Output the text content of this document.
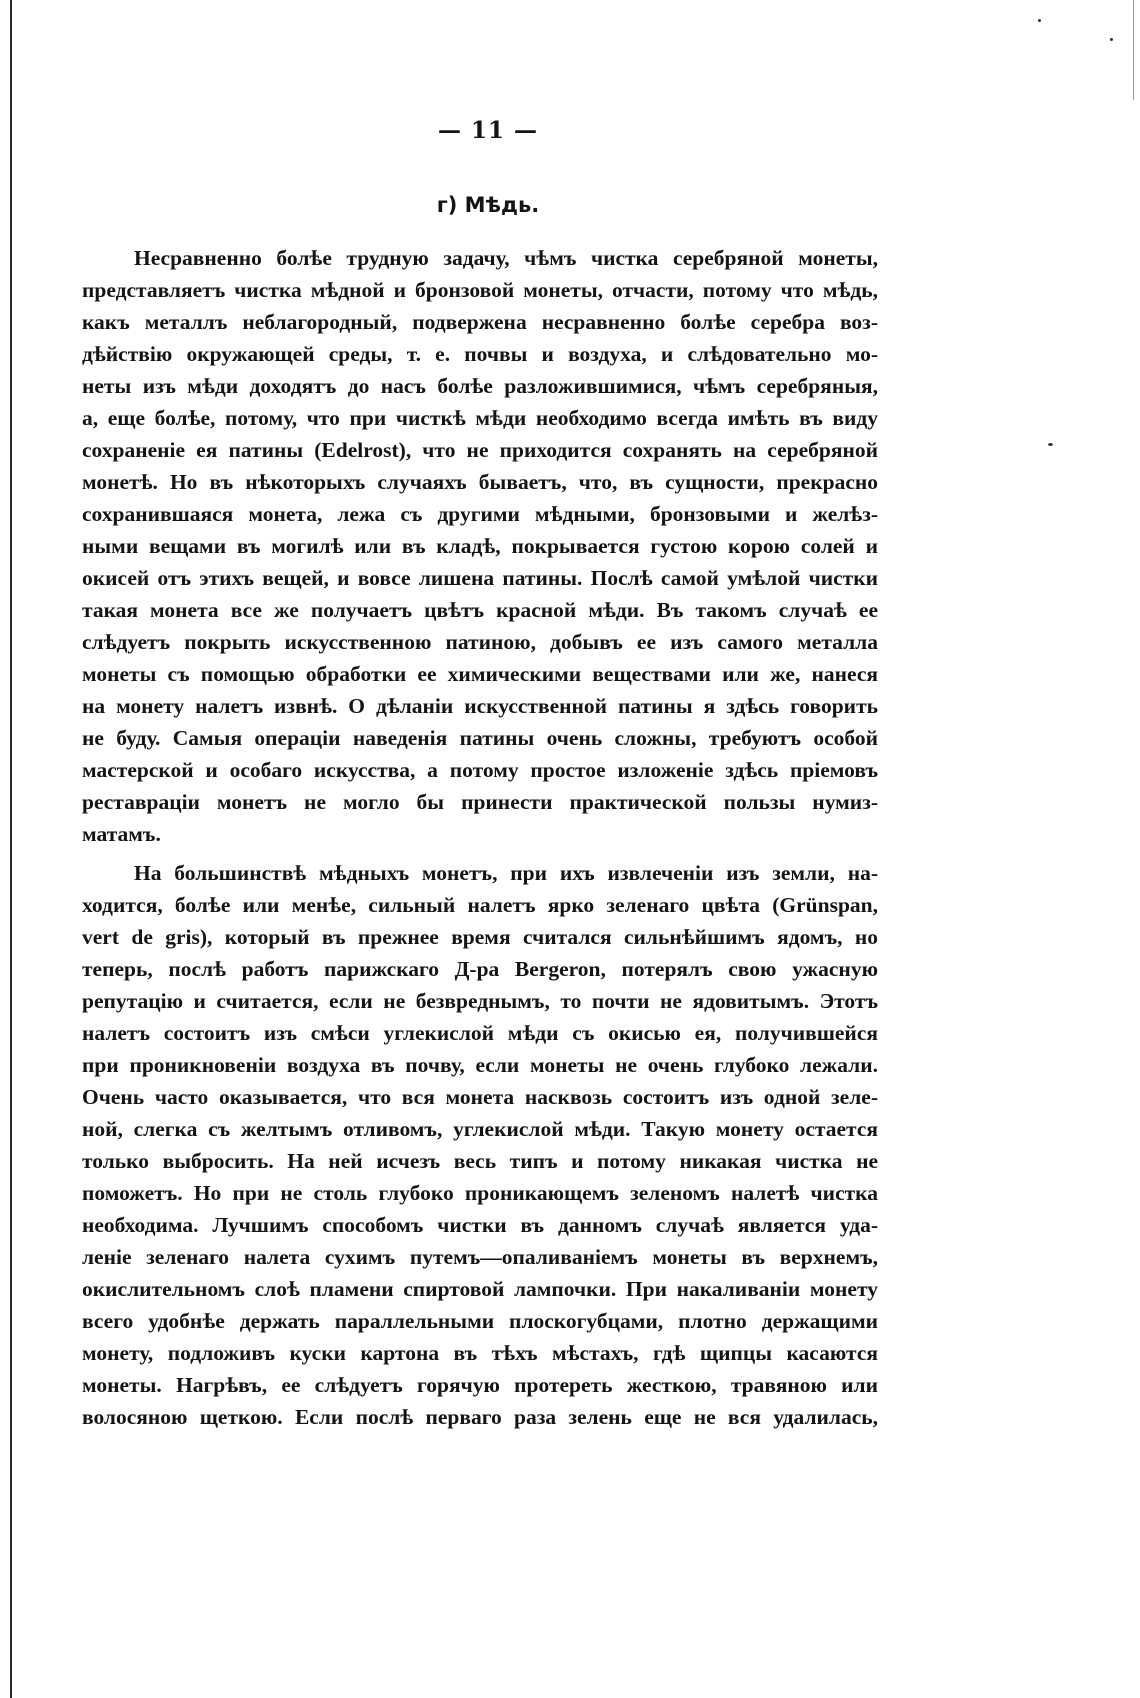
— 11 —
г) Мѣдь.
Несравненно болѣе трудную задачу, чѣмъ чистка серебряной монеты,
представляетъ чистка мѣдной и бронзовой монеты, отчасти, потому что мѣдь,
какъ металлъ неблагородный, подвержена несравненно болѣе серебра воз-
дѣйствію окружающей среды, т. е. почвы и воздуха, и слѣдовательно мо-
неты изъ мѣди доходятъ до насъ болѣе разложившимися, чѣмъ серебряныя,
а, еще болѣе, потому, что при чисткѣ мѣди необходимо всегда имѣть въ виду
сохраненіе ея патины (Edelrost), что не приходится сохранять на серебряной
монетѣ. Но въ нѣкоторыхъ случаяхъ бываетъ, что, въ сущности, прекрасно
сохранившаяся монета, лежа съ другими мѣдными, бронзовыми и желѣз-
ными вещами въ могилѣ или въ кладѣ, покрывается густою корою солей и
окисей отъ этихъ вещей, и вовсе лишена патины. Послѣ самой умѣлой чистки
такая монета все же получаетъ цвѣтъ красной мѣди. Въ такомъ случаѣ ее
слѣдуетъ покрыть искусственною патиною, добывъ ее изъ самого металла
монеты съ помощью обработки ее химическими веществами или же, нанеся
на монету налетъ извнѣ. О дѣланіи искусственной патины я здѣсь говорить
не буду. Самыя операціи наведенія патины очень сложны, требуютъ особой
мастерской и особаго искусства, а потому простое изложеніе здѣсь пріемовъ
реставраціи монетъ не могло бы принести практической пользы нумиз-
матамъ.
На большинствѣ мѣдныхъ монетъ, при ихъ извлеченіи изъ земли, на-
ходится, болѣе или менѣе, сильный налетъ ярко зеленаго цвѣта (Grünspan,
vert de gris), который въ прежнее время считался сильнѣйшимъ ядомъ, но
теперь, послѣ работъ парижскаго Д-ра Bergeron, потерялъ свою ужасную
репутацію и считается, если не безвреднымъ, то почти не ядовитымъ. Этотъ
налетъ состоитъ изъ смѣси углекислой мѣди съ окисью ея, получившейся
при проникновеніи воздуха въ почву, если монеты не очень глубоко лежали.
Очень часто оказывается, что вся монета насквозь состоитъ изъ одной зеле-
ной, слегка съ желтымъ отливомъ, углекислой мѣди. Такую монету остается
только выбросить. На ней исчезъ весь типъ и потому никакая чистка не
поможетъ. Но при не столь глубоко проникающемъ зеленомъ налетѣ чистка
необходима. Лучшимъ способомъ чистки въ данномъ случаѣ является уда-
леніе зеленаго налета сухимъ путемъ—опаливаніемъ монеты въ верхнемъ,
окислительномъ слоѣ пламени спиртовой лампочки. При накаливаніи монету
всего удобнѣе держать параллельными плоскогубцами, плотно держащими
монету, подложивъ куски картона въ тѣхъ мѣстахъ, гдѣ щипцы касаются
монеты. Нагрѣвъ, ее слѣдуетъ горячую протереть жесткою, травяною или
волосяною щеткою. Если послѣ перваго раза зелень еще не вся удалилась,
